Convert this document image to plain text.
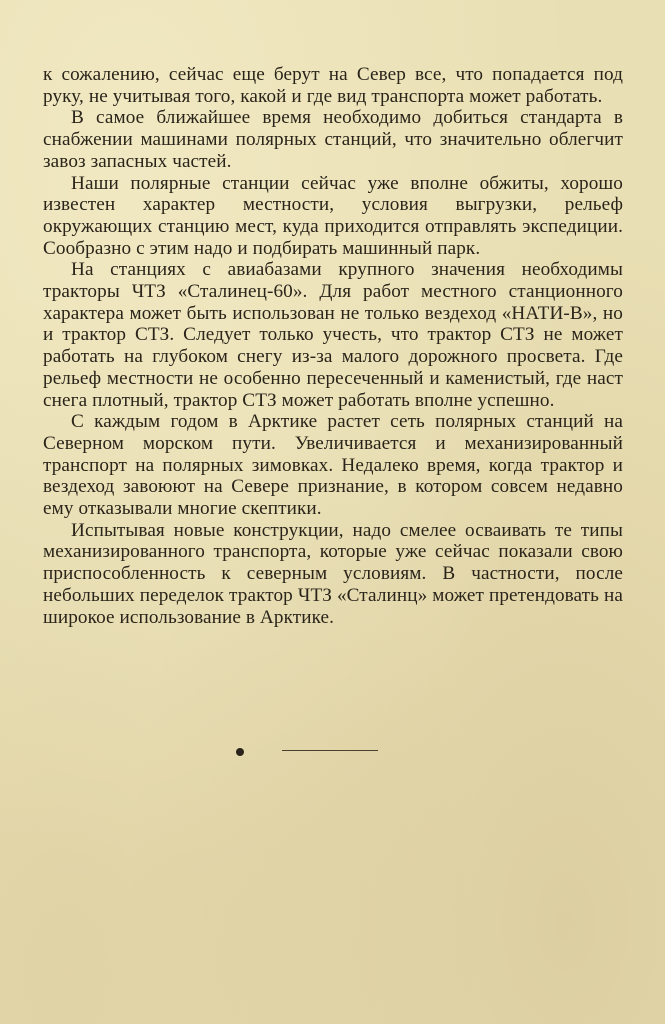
к сожалению, сейчас еще берут на Север все, что попадается под руку, не учитывая того, какой и где вид транспорта может работать.

В самое ближайшее время необходимо добиться стандарта в снабжении машинами полярных станций, что значительно облегчит завоз запасных частей.

Наши полярные станции сейчас уже вполне обжиты, хорошо известен характер местности, условия выгрузки, рельеф окружающих станцию мест, куда приходится отправлять экспедиции. Сообразно с этим надо и подбирать машинный парк.

На станциях с авиабазами крупного значения необходимы тракторы ЧТЗ «Сталинец-60». Для работ местного станционного характера может быть использован не только вездеход «НАТИ-В», но и трактор СТЗ. Следует только учесть, что трактор СТЗ не может работать на глубоком снегу из-за малого дорожного просвета. Где рельеф местности не особенно пересеченный и каменистый, где наст снега плотный, трактор СТЗ может работать вполне успешно.

С каждым годом в Арктике растет сеть полярных станций на Северном морском пути. Увеличивается и механизированный транспорт на полярных зимовках. Недалеко время, когда трактор и вездеход завоюют на Севере признание, в котором совсем недавно ему отказывали многие скептики.

Испытывая новые конструкции, надо смелее осваивать те типы механизированного транспорта, которые уже сейчас показали свою приспособленность к северным условиям. В частности, после небольших переделок трактор ЧТЗ «Сталинц» может претендовать на широкое использование в Арктике.
